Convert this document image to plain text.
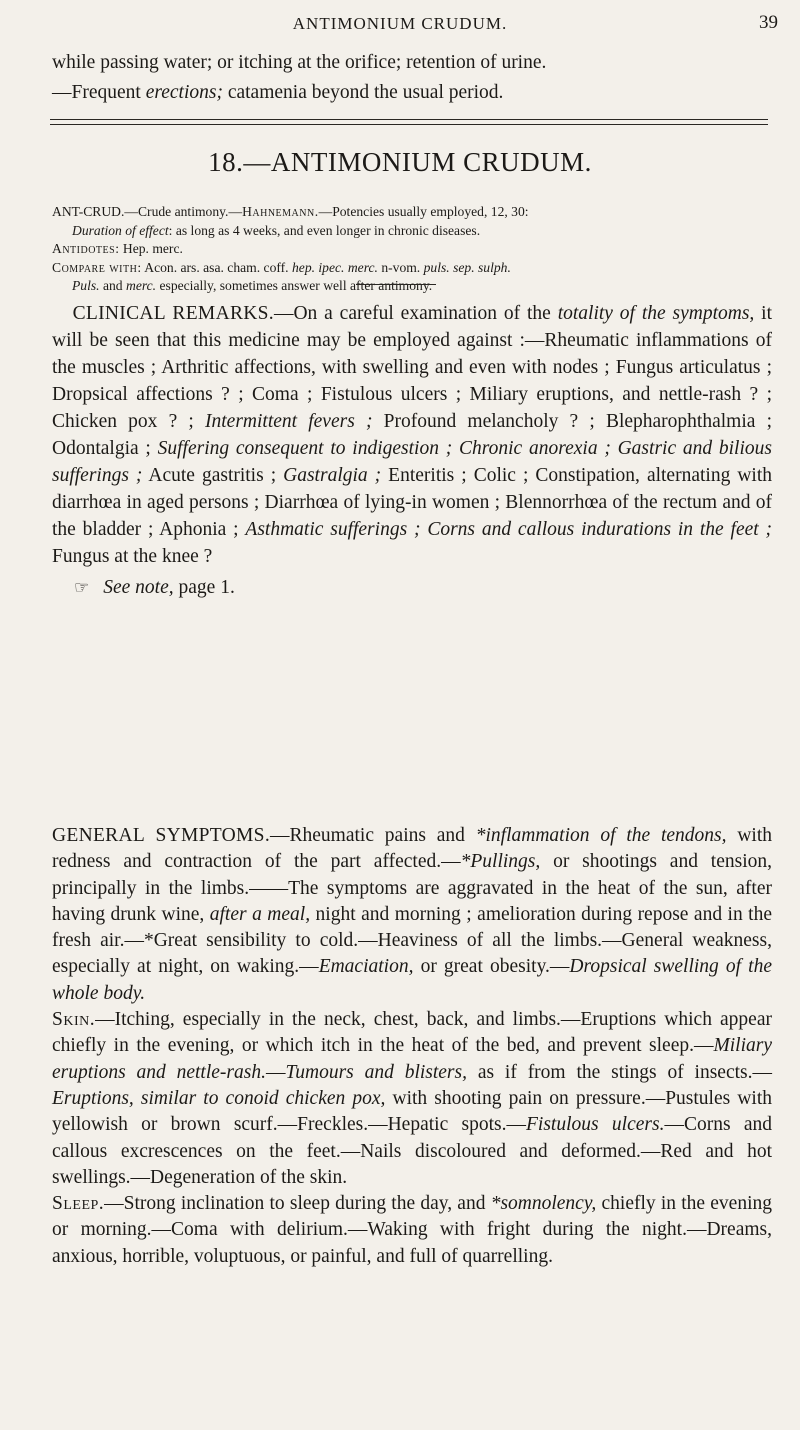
ANTIMONIUM CRUDUM.	39
while passing water; or itching at the orifice; retention of urine.
—Frequent erections; catamenia beyond the usual period.
18.—ANTIMONIUM CRUDUM.

ANT-CRUD.—Crude antimony.—Hahnemann.—Potencies usually employed, 12, 30:

Duration of effect: as long as 4 weeks, and even longer in chronic diseases.

Antidotes: Hep. merc.

Compare with: Acon. ars. asa. cham. coff. hep. ipec. merc. n-vom. puls. sep. sulph.

Puls. and merc. especially, sometimes answer well after antimony.

CLINICAL REMARKS.—On a careful examination of the totality of the symptoms, it will be seen that this medicine may be employed against :—Rheumatic inflammations of the muscles ; Arthritic affections, with swelling and even with nodes ; Fungus articulatus ; Dropsical affections ? ; Coma ; Fistulous ulcers ; Miliary eruptions, and nettle-rash ? ; Chicken pox ? ; Intermittent fevers ; Profound melancholy ? ; Blepharophthalmia ; Odontalgia ; Suffering consequent to indigestion ; Chronic anorexia ; Gastric and bilious sufferings ; Acute gastritis ; Gastralgia ; Enteritis ; Colic ; Constipation, alternating with diarrhœa in aged persons ; Diarrhœa of lying-in women ; Blennorrhœa of the rectum and of the bladder ; Aphonia ; Asthmatic sufferings ; Corns and callous indurations in the feet ; Fungus at the knee ?

☞ See note, page 1.

GENERAL SYMPTOMS.—Rheumatic pains and *inflammation of the tendons, with redness and contraction of the part affected.—*Pullings, or shootings and tension, principally in the limbs.——The symptoms are aggravated in the heat of the sun, after having drunk wine, after a meal, night and morning ; amelioration during repose and in the fresh air.—*Great sensibility to cold.—Heaviness of all the limbs.—General weakness, especially at night, on waking.—Emaciation, or great obesity.—Dropsical swelling of the whole body.

Skin.—Itching, especially in the neck, chest, back, and limbs.—Eruptions which appear chiefly in the evening, or which itch in the heat of the bed, and prevent sleep.—Miliary eruptions and nettle-rash.—Tumours and blisters, as if from the stings of insects.—Eruptions, similar to conoid chicken pox, with shooting pain on pressure.—Pustules with yellowish or brown scurf.—Freckles.—Hepatic spots.—Fistulous ulcers.—Corns and callous excrescences on the feet.—Nails discoloured and deformed.—Red and hot swellings.—Degeneration of the skin.

Sleep.—Strong inclination to sleep during the day, and *somnolency, chiefly in the evening or morning.—Coma with delirium.—Waking with fright during the night.—Dreams, anxious, horrible, voluptuous, or painful, and full of quarrelling.
